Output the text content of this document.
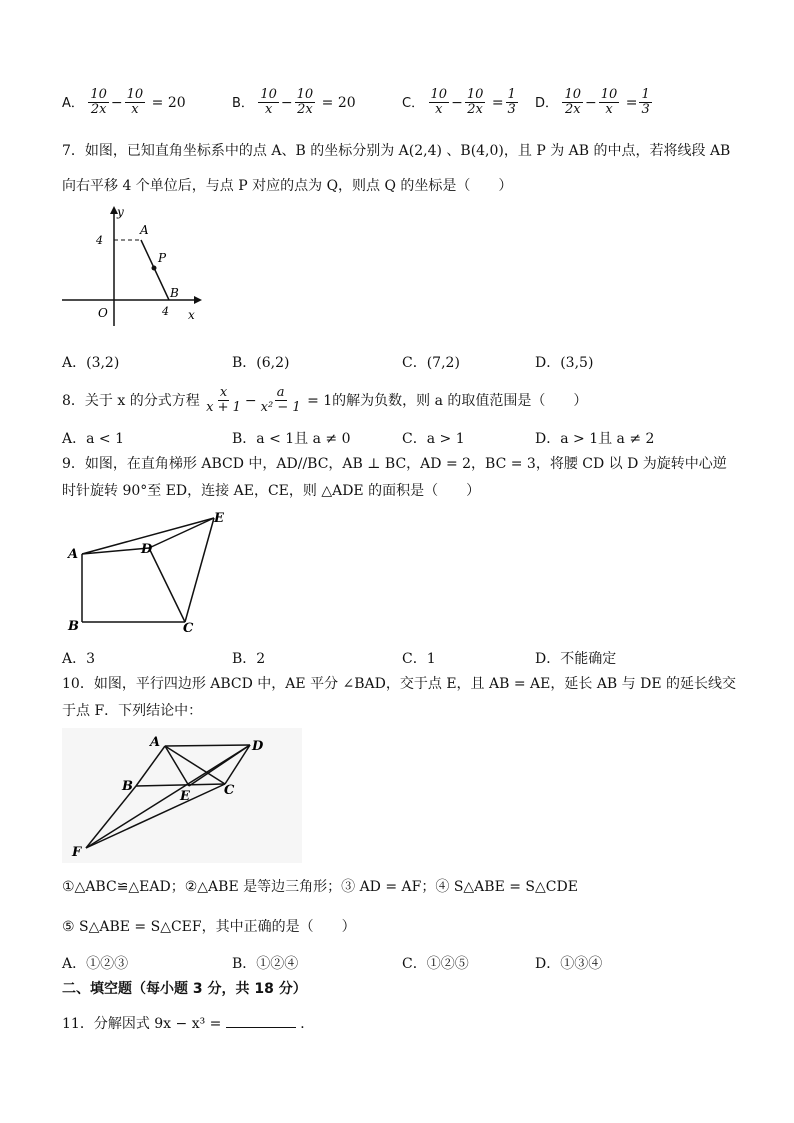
A． $\frac{10}{2x} - \frac{10}{x} = 20$	B． $\frac{10}{x} - \frac{10}{2x} = 20$	C． $\frac{10}{x} - \frac{10}{2x} = \frac{1}{3}$ D． $\frac{10}{2x} - \frac{10}{x} = \frac{1}{3}$
7．如图，已知直角坐标系中的点 A、B 的坐标分别为 A(2,4) 、B(4,0)，且 P 为 AB 的中点，若将线段 AB
向右平移 4 个单位后，与点 P 对应的点为 Q，则点 Q 的坐标是（　　）
y
x
O
4
4
A
P
B
A．(3,2)	B．(6,2)	C．(7,2)	D．(3,5)
8．关于 x 的分式方程 $\frac{x}{x + 1} - \frac{a}{\text{x² − 1}} = 1$的解为负数，则 a 的取值范围是（　　）
A．a < 1	B．a < 1且 a ≠ 0	C．a > 1	D．a > 1且 a ≠ 2
9．如图，在直角梯形 ABCD 中，AD//BC，AB ⊥ BC，AD = 2，BC = 3，将腰 CD 以 D 为旋转中心逆
时针旋转 90°至 ED，连接 AE，CE，则 △ADE 的面积是（　　）
A
B	C
D
E
A．3	B．2	C．1	D．不能确定
10．如图，平行四边形 ABCD 中，AE 平分 ∠BAD，交于点 E，且 AB = AE，延长 AB 与 DE 的延长线交
于点 F．下列结论中：
A
B	C
D
E
F
①△ABC≌△EAD；②△ABE 是等边三角形；③ AD = AF；④ S△ABE = S△CDE
⑤ S△ABE = S△CEF，其中正确的是（　　）
A．①②③	B．①②④	C．①②⑤	D．①③④
二、填空题（每小题 3 分，共 18 分）
11．分解因式 9x − x³ =	．
